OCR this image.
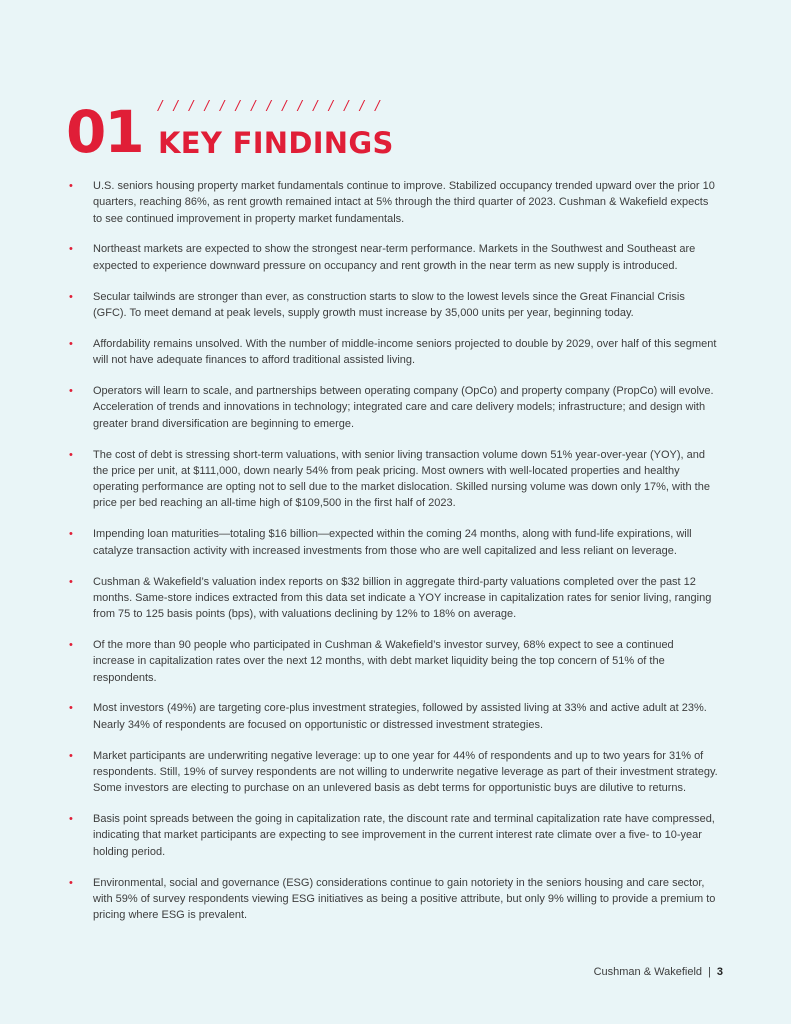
01 / / / / / / / / / / / / / / /
KEY FINDINGS
• U.S. seniors housing property market fundamentals continue to improve. Stabilized occupancy trended upward over the prior 10 quarters, reaching 86%, as rent growth remained intact at 5% through the third quarter of 2023. Cushman & Wakefield expects to see continued improvement in property market fundamentals.
• Northeast markets are expected to show the strongest near-term performance. Markets in the Southwest and Southeast are expected to experience downward pressure on occupancy and rent growth in the near term as new supply is introduced.
• Secular tailwinds are stronger than ever, as construction starts to slow to the lowest levels since the Great Financial Crisis (GFC). To meet demand at peak levels, supply growth must increase by 35,000 units per year, beginning today.
• Affordability remains unsolved. With the number of middle-income seniors projected to double by 2029, over half of this segment will not have adequate finances to afford traditional assisted living.
• Operators will learn to scale, and partnerships between operating company (OpCo) and property company (PropCo) will evolve. Acceleration of trends and innovations in technology; integrated care and care delivery models; infrastructure; and design with greater brand diversification are beginning to emerge.
• The cost of debt is stressing short-term valuations, with senior living transaction volume down 51% year-over-year (YOY), and the price per unit, at $111,000, down nearly 54% from peak pricing. Most owners with well-located properties and healthy operating performance are opting not to sell due to the market dislocation. Skilled nursing volume was down only 17%, with the price per bed reaching an all-time high of $109,500 in the first half of 2023.
• Impending loan maturities—totaling $16 billion—expected within the coming 24 months, along with fund-life expirations, will catalyze transaction activity with increased investments from those who are well capitalized and less reliant on leverage.
• Cushman & Wakefield’s valuation index reports on $32 billion in aggregate third-party valuations completed over the past 12 months. Same-store indices extracted from this data set indicate a YOY increase in capitalization rates for senior living, ranging from 75 to 125 basis points (bps), with valuations declining by 12% to 18% on average.
• Of the more than 90 people who participated in Cushman & Wakefield’s investor survey, 68% expect to see a continued increase in capitalization rates over the next 12 months, with debt market liquidity being the top concern of 51% of the respondents.
• Most investors (49%) are targeting core-plus investment strategies, followed by assisted living at 33% and active adult at 23%. Nearly 34% of respondents are focused on opportunistic or distressed investment strategies.
• Market participants are underwriting negative leverage: up to one year for 44% of respondents and up to two years for 31% of respondents. Still, 19% of survey respondents are not willing to underwrite negative leverage as part of their investment strategy. Some investors are electing to purchase on an unlevered basis as debt terms for opportunistic buys are dilutive to returns.
• Basis point spreads between the going in capitalization rate, the discount rate and terminal capitalization rate have compressed, indicating that market participants are expecting to see improvement in the current interest rate climate over a five- to 10-year holding period.
• Environmental, social and governance (ESG) considerations continue to gain notoriety in the seniors housing and care sector, with 59% of survey respondents viewing ESG initiatives as being a positive attribute, but only 9% willing to provide a premium to pricing where ESG is prevalent.
Cushman & Wakefield | 3
